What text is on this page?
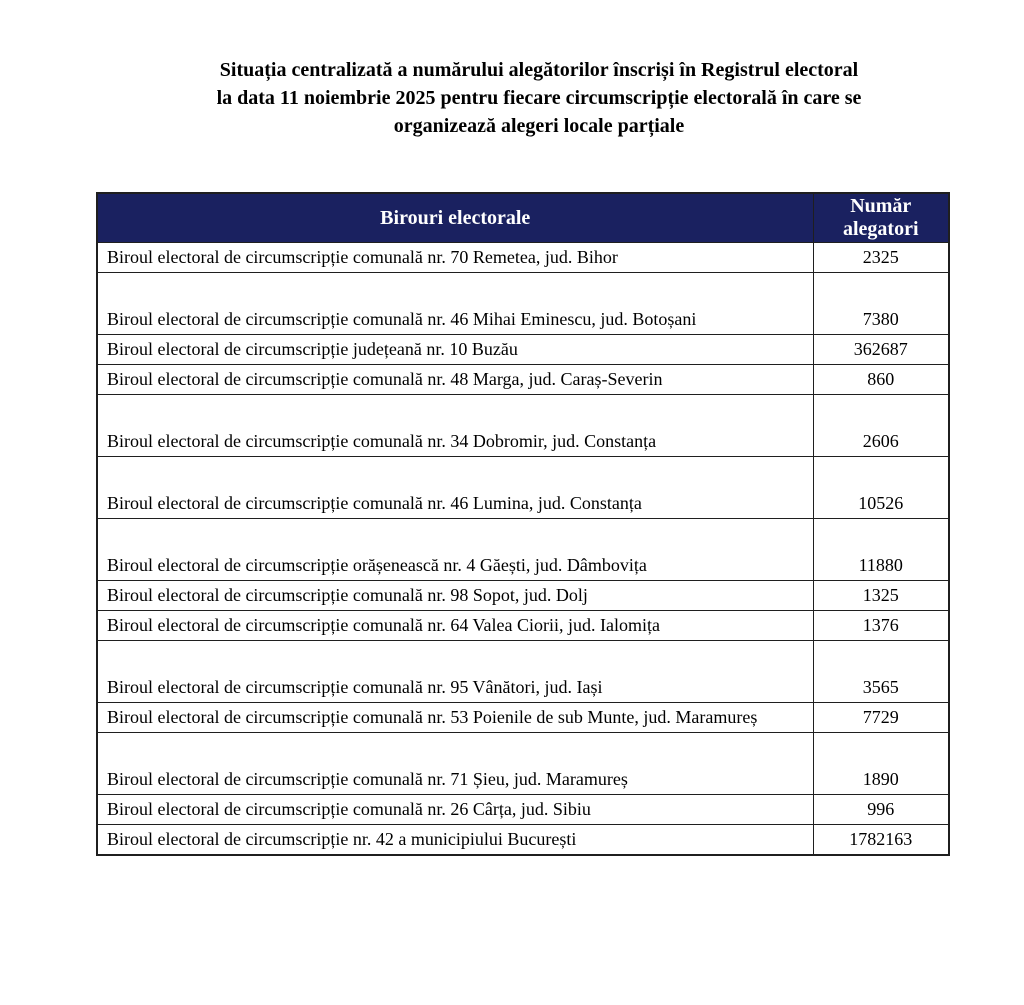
Situația centralizată a numărului alegătorilor înscriși în Registrul electoral
la data 11 noiembrie 2025 pentru fiecare circumscripție electorală în care se
organizează alegeri locale parțiale
Birouri electorale	Număr alegatori
Biroul electoral de circumscripție comunală nr. 70 Remetea, jud. Bihor	2325
Biroul electoral de circumscripție comunală nr. 46 Mihai Eminescu, jud. Botoșani	7380
Biroul electoral de circumscripție județeană nr. 10 Buzău	362687
Biroul electoral de circumscripție comunală nr. 48 Marga, jud. Caraș-Severin	860
Biroul electoral de circumscripție comunală nr. 34 Dobromir, jud. Constanța	2606
Biroul electoral de circumscripție comunală nr. 46 Lumina, jud. Constanța	10526
Biroul electoral de circumscripție orășenească nr. 4 Găești, jud. Dâmbovița	11880
Biroul electoral de circumscripție comunală nr. 98 Sopot, jud. Dolj	1325
Biroul electoral de circumscripție comunală nr. 64 Valea Ciorii, jud. Ialomița	1376
Biroul electoral de circumscripție comunală nr. 95 Vânători, jud. Iași	3565
Biroul electoral de circumscripție comunală nr. 53 Poienile de sub Munte, jud. Maramureș	7729
Biroul electoral de circumscripție comunală nr. 71 Șieu, jud. Maramureș	1890
Biroul electoral de circumscripție comunală nr. 26 Cârța, jud. Sibiu	996
Biroul electoral de circumscripție nr. 42 a municipiului București	1782163
